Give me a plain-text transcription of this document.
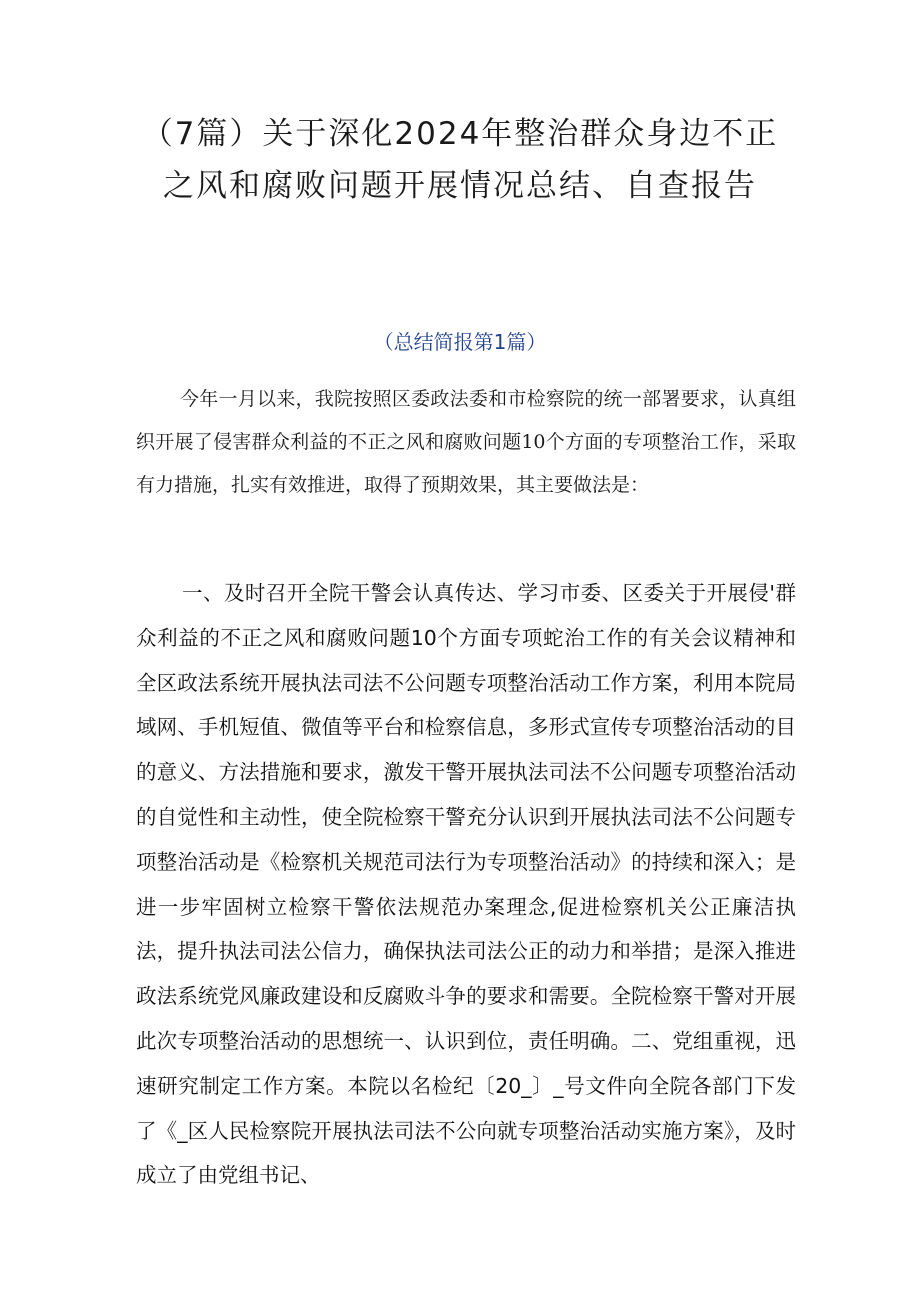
（7篇）关于深化2024年整治群众身边不正之风和腐败问题开展情况总结、自查报告

（总结简报第1篇）

今年一月以来，我院按照区委政法委和市检察院的统一部署要求，认真组织开展了侵害群众利益的不正之风和腐败问题10个方面的专项整治工作，采取有力措施，扎实有效推进，取得了预期效果，其主要做法是：

一、及时召开全院干警会认真传达、学习市委、区委关于开展侵'群众利益的不正之风和腐败问题10个方面专项蛇治工作的有关会议精神和全区政法系统开展执法司法不公问题专项整治活动工作方案，利用本院局域网、手机短值、微值等平台和检察信息，多形式宣传专项整治活动的目的意义、方法措施和要求，激发干警开展执法司法不公问题专项整治活动的自觉性和主动性，使全院检察干警充分认识到开展执法司法不公问题专项整治活动是《检察机关规范司法行为专项整治活动》的持续和深入；是进一步牢固树立检察干警依法规范办案理念,促进检察机关公正廉洁执法，提升执法司法公信力，确保执法司法公正的动力和举措；是深入推进政法系统党风廉政建设和反腐败斗争的要求和需要。全院检察干警对开展此次专项整治活动的思想统一、认识到位，责任明确。二、党组重视，迅速研究制定工作方案。本院以名检纪〔20_〕_号文件向全院各部门下发了《_区人民检察院开展执法司法不公向就专项整治活动实施方案》，及时成立了由党组书记、
